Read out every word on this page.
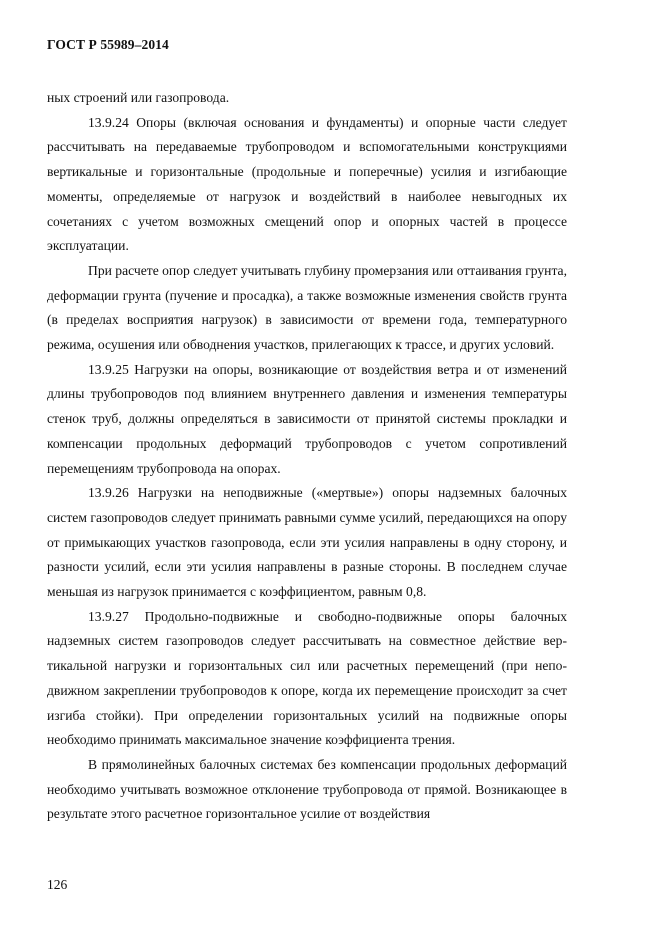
ГОСТ Р 55989–2014

ных строений или газопровода.

13.9.24 Опоры (включая основания и фундаменты) и опорные части следует рассчитывать на передаваемые трубопроводом и вспомогательными конструкциями вертикальные и горизонтальные (продольные и поперечные) усилия и изгибающие моменты, определяемые от нагрузок и воздействий в наиболее невыгодных их сочетаниях с учетом возможных смещений опор и опорных частей в процессе эксплуатации.

При расчете опор следует учитывать глубину промерзания или оттаивания грунта, деформации грунта (пучение и просадка), а также возможные изменения свойств грунта (в пределах восприятия нагрузок) в зависимости от времени года, температурного режима, осушения или обводнения участков, прилегающих к трассе, и других условий.

13.9.25 Нагрузки на опоры, возникающие от воздействия ветра и от изменений длины трубопроводов под влиянием внутреннего давления и изменения температуры стенок труб, должны определяться в зависимости от принятой системы прокладки и компенсации продольных деформаций трубопроводов с учетом сопротивлений перемещениям трубопровода на опорах.

13.9.26 Нагрузки на неподвижные («мертвые») опоры надземных балочных систем газопроводов следует принимать равными сумме усилий, передающихся на опору от примыкающих участков газопровода, если эти усилия направлены в одну сторону, и разности усилий, если эти усилия направлены в разные стороны. В последнем случае меньшая из нагрузок принимается с коэффициентом, равным 0,8.

13.9.27 Продольно-подвижные и свободно-подвижные опоры балочных надземных систем газопроводов следует рассчитывать на совместное действие вертикальной нагрузки и горизонтальных сил или расчетных перемещений (при неподвижном закреплении трубопроводов к опоре, когда их перемещение происходит за счет изгиба стойки). При определении горизонтальных усилий на подвижные опоры необходимо принимать максимальное значение коэффициента трения.

В прямолинейных балочных системах без компенсации продольных деформаций необходимо учитывать возможное отклонение трубопровода от прямой. Возникающее в результате этого расчетное горизонтальное усилие от воздействия

126
